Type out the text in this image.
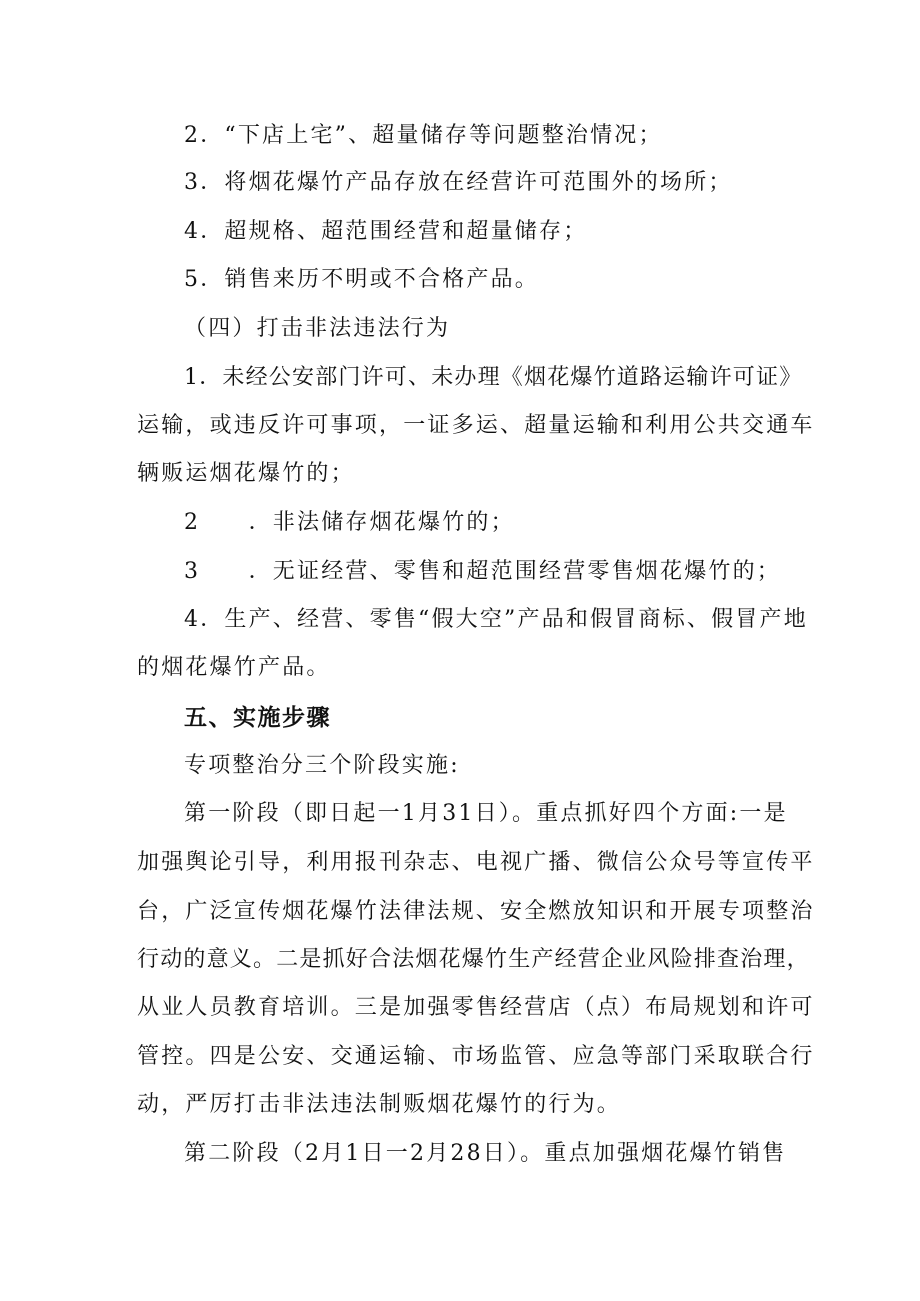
2．“下店上宅”、超量储存等问题整治情况；
3．将烟花爆竹产品存放在经营许可范围外的场所；
4．超规格、超范围经营和超量储存；
5．销售来历不明或不合格产品。
（四）打击非法违法行为
1．未经公安部门许可、未办理《烟花爆竹道路运输许可证》
运输，或违反许可事项，一证多运、超量运输和利用公共交通车
辆贩运烟花爆竹的；
2　　．非法储存烟花爆竹的；
3　　．无证经营、零售和超范围经营零售烟花爆竹的；
4．生产、经营、零售“假大空”产品和假冒商标、假冒产地
的烟花爆竹产品。
五、实施步骤
专项整治分三个阶段实施:
第一阶段（即日起一1月31日）。重点抓好四个方面:一是
加强舆论引导，利用报刊杂志、电视广播、微信公众号等宣传平
台，广泛宣传烟花爆竹法律法规、安全燃放知识和开展专项整治
行动的意义。二是抓好合法烟花爆竹生产经营企业风险排查治理，
从业人员教育培训。三是加强零售经营店（点）布局规划和许可
管控。四是公安、交通运输、市场监管、应急等部门采取联合行
动，严厉打击非法违法制贩烟花爆竹的行为。
第二阶段（2月1日一2月28日）。重点加强烟花爆竹销售
